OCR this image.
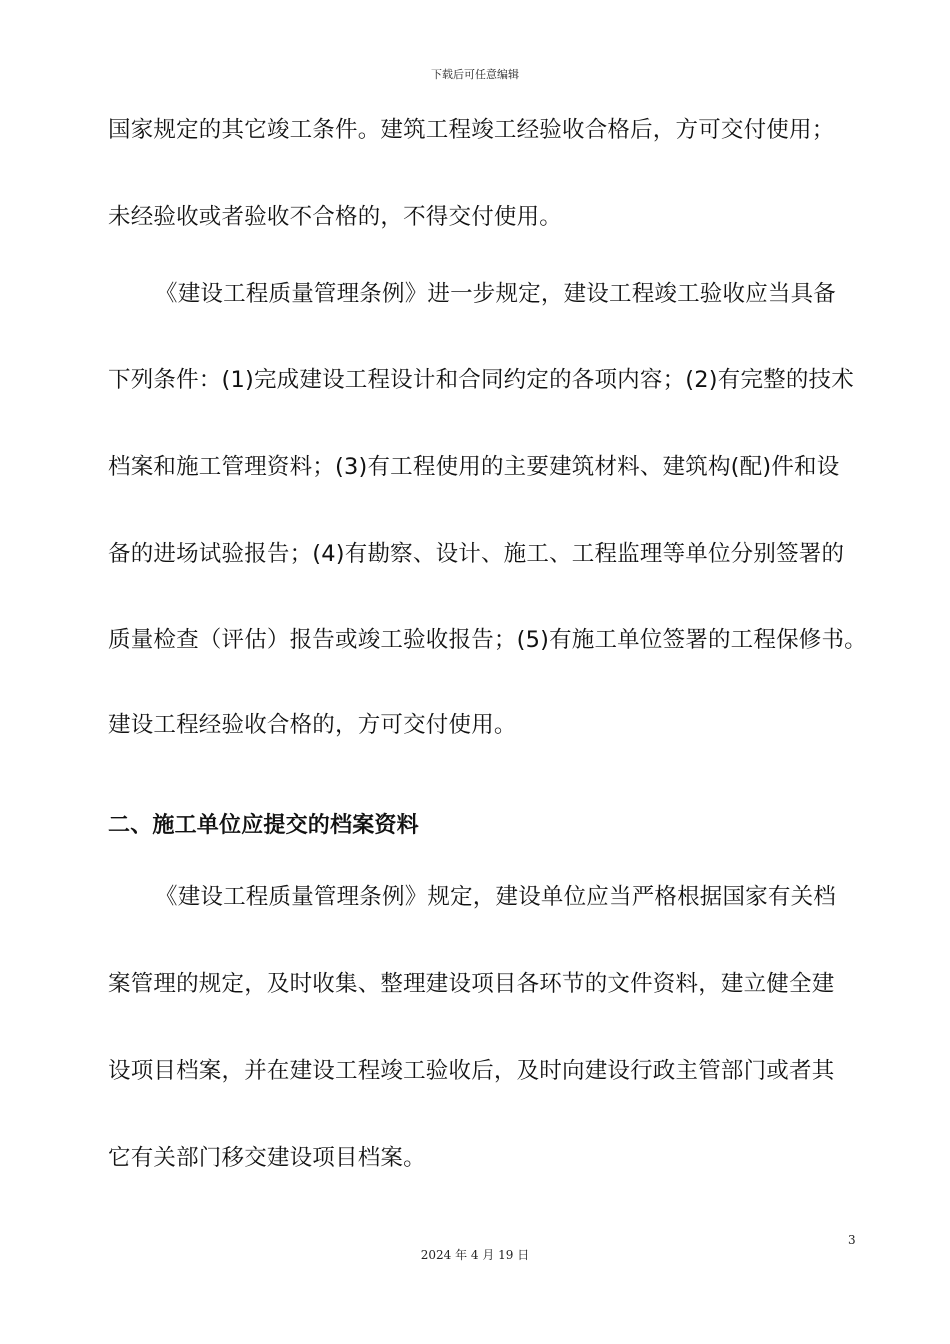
下载后可任意编辑
国家规定的其它竣工条件。建筑工程竣工经验收合格后，方可交付使用；
未经验收或者验收不合格的，不得交付使用。
《建设工程质量管理条例》进一步规定，建设工程竣工验收应当具备
下列条件：(1)完成建设工程设计和合同约定的各项内容；(2)有完整的技术
档案和施工管理资料；(3)有工程使用的主要建筑材料、建筑构(配)件和设
备的进场试验报告；(4)有勘察、设计、施工、工程监理等单位分别签署的
质量检查（评估）报告或竣工验收报告；(5)有施工单位签署的工程保修书。
建设工程经验收合格的，方可交付使用。
二、施工单位应提交的档案资料
《建设工程质量管理条例》规定，建设单位应当严格根据国家有关档
案管理的规定，及时收集、整理建设项目各环节的文件资料，建立健全建
设项目档案，并在建设工程竣工验收后，及时向建设行政主管部门或者其
它有关部门移交建设项目档案。
3
2024 年 4 月 19 日
